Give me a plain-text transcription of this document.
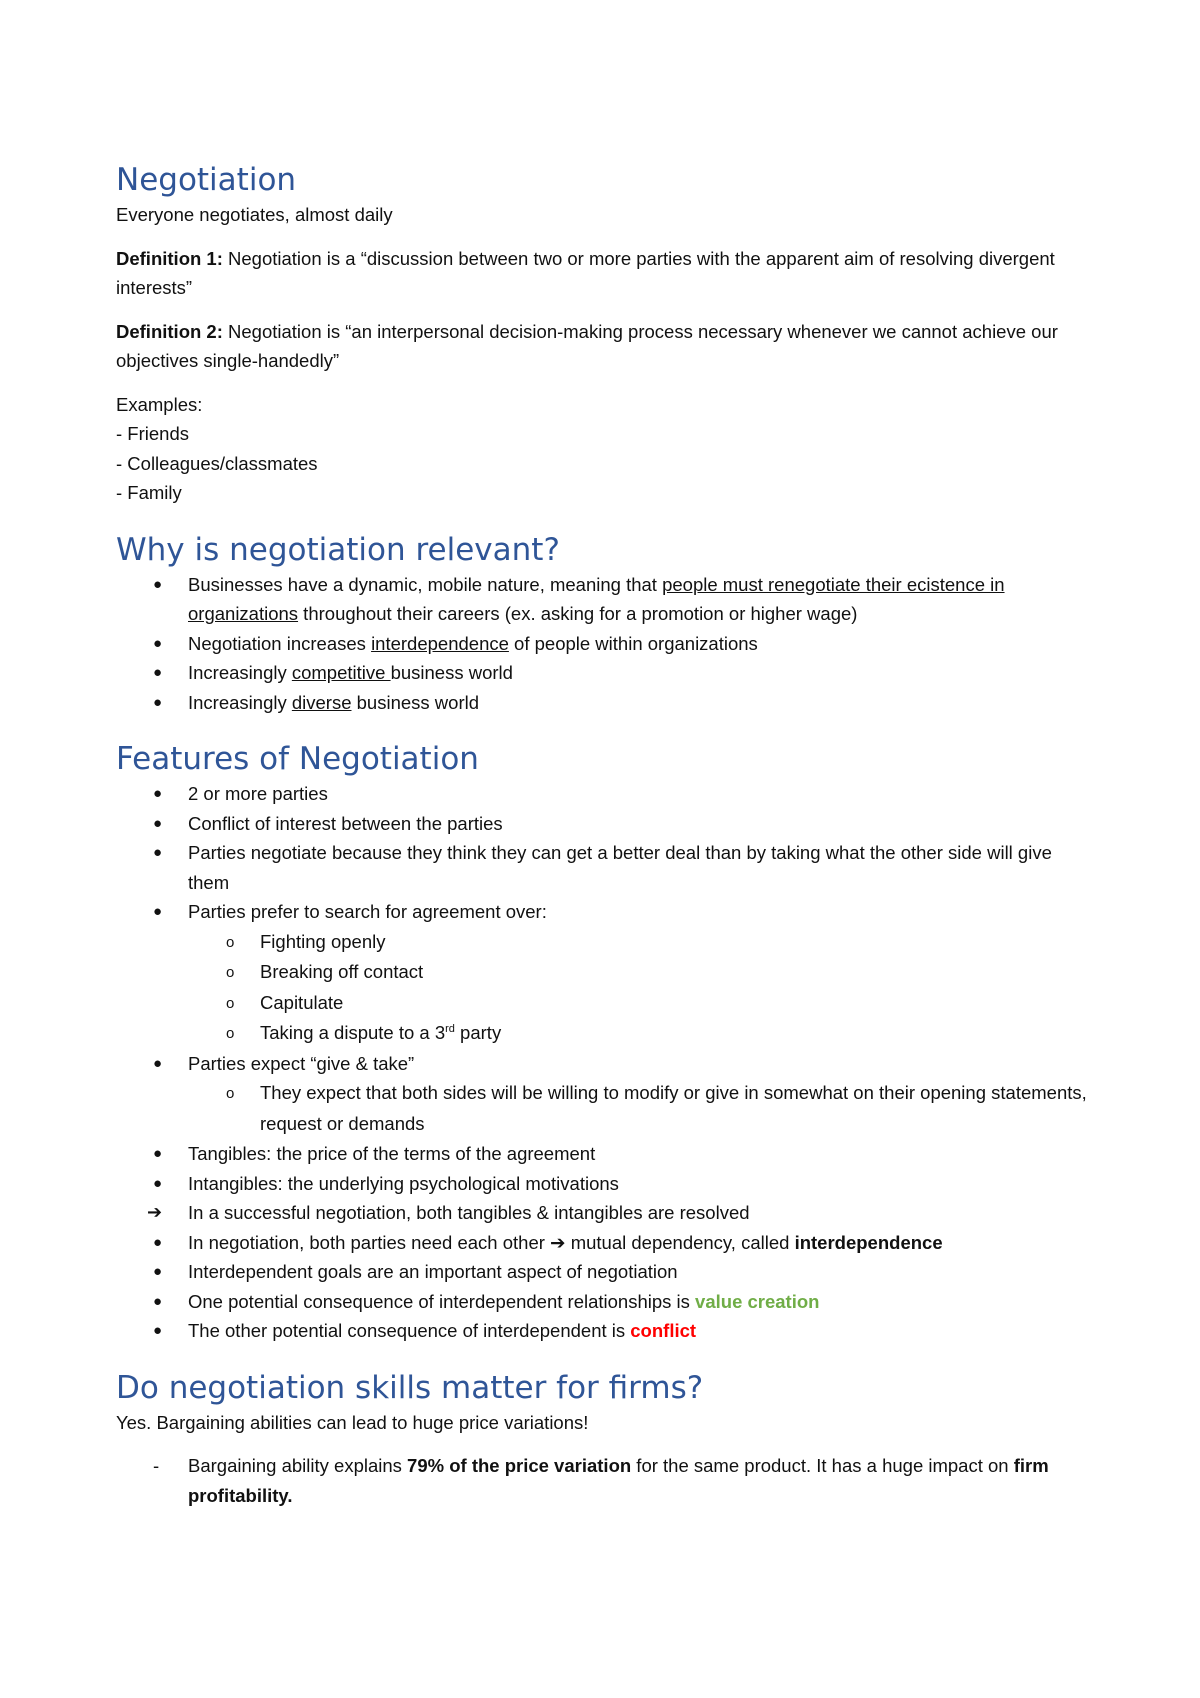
Negotiation

Everyone negotiates, almost daily

Definition 1: Negotiation is a “discussion between two or more parties with the apparent aim of resolving divergent interests”

Definition 2: Negotiation is “an interpersonal decision-making process necessary whenever we cannot achieve our objectives single-handedly”

Examples:

- Friends

- Colleagues/classmates

- Family

Why is negotiation relevant?
● Businesses have a dynamic, mobile nature, meaning that people must renegotiate their ecistence in organizations throughout their careers (ex. asking for a promotion or higher wage)
● Negotiation increases interdependence of people within organizations
● Increasingly competitive business world
● Increasingly diverse business world
Features of Negotiation
● 2 or more parties
● Conflict of interest between the parties
● Parties negotiate because they think they can get a better deal than by taking what the other side will give them
● Parties prefer to search for agreement over:
o Fighting openly
o Breaking off contact
o Capitulate
o Taking a dispute to a 3rd party
● Parties expect “give & take”
o They expect that both sides will be willing to modify or give in somewhat on their opening statements, request or demands
● Tangibles: the price of the terms of the agreement
● Intangibles: the underlying psychological motivations
➔ In a successful negotiation, both tangibles & intangibles are resolved
● In negotiation, both parties need each other ➔ mutual dependency, called interdependence
● Interdependent goals are an important aspect of negotiation
● One potential consequence of interdependent relationships is value creation
● The other potential consequence of interdependent is conflict
Do negotiation skills matter for firms?

Yes. Bargaining abilities can lead to huge price variations!

- Bargaining ability explains 79% of the price variation for the same product. It has a huge impact on firm profitability.
